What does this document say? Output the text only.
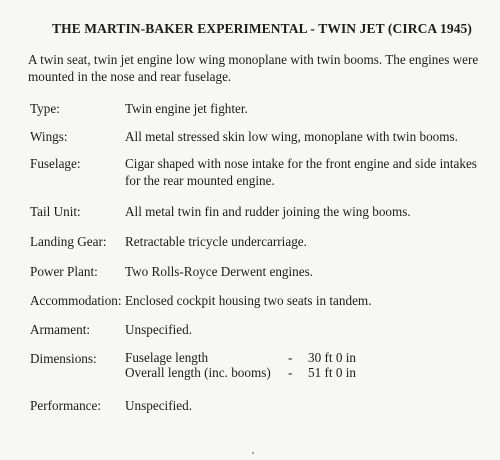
THE MARTIN-BAKER EXPERIMENTAL - TWIN JET (CIRCA 1945)
A twin seat, twin jet engine low wing monoplane with twin booms. The engines were mounted in the nose and rear fuselage.
Type:	Twin engine jet fighter.
Wings:	All metal stressed skin low wing, monoplane with twin booms.
Fuselage:	Cigar shaped with nose intake for the front engine and side intakes for the rear mounted engine.
Tail Unit:	All metal twin fin and rudder joining the wing booms.
Landing Gear: Retractable tricycle undercarriage.
Power Plant: Two Rolls-Royce Derwent engines.
Accommodation: Enclosed cockpit housing two seats in tandem.
Armament:	Unspecified.
Dimensions: Fuselage length	- 30 ft 0 in
Overall length (inc. booms) - 51 ft 0 in
Performance: Unspecified.
